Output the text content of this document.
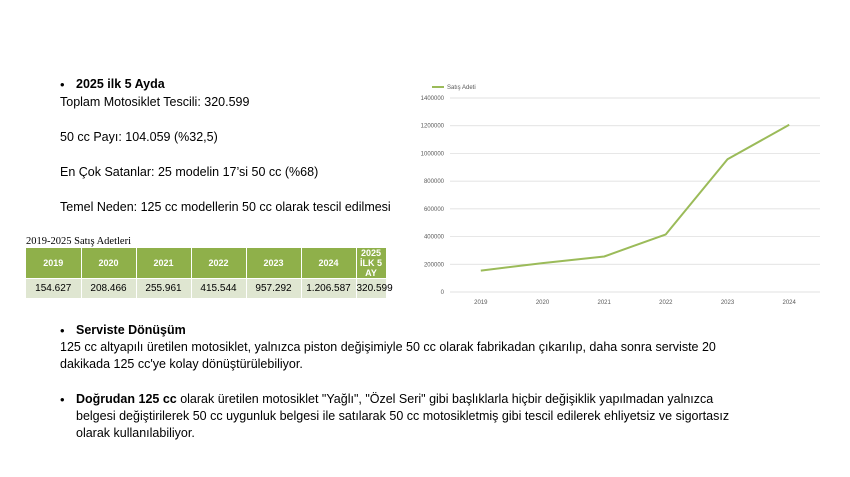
• 2025 ilk 5 Ayda
Toplam Motosiklet Tescili: 320.599
50 cc Payı: 104.059 (%32,5)
En Çok Satanlar: 25 modelin 17’si 50 cc (%68)
Temel Neden: 125 cc modellerin 50 cc olarak tescil edilmesi
2019-2025 Satış Adetleri
2019	2020	2021	2022	2023	2024	2025 İLK 5 AY
154.627	208.466	255.961	415.544	957.292	1.206.587	320.599	0
200000
400000
600000
800000
1000000
1200000
1400000
2019	2020	2021	2022	2023	2024
Satış Adeti
• Serviste Dönüşüm
125 cc altyapılı üretilen motosiklet, yalnızca piston değişimiyle 50 cc olarak fabrikadan çıkarılıp, daha sonra serviste 20
dakikada 125 cc'ye kolay dönüştürülebiliyor.
• Doğrudan 125 cc olarak üretilen motosiklet "Yağlı", "Özel Seri" gibi başlıklarla hiçbir değişiklik yapılmadan yalnızca
belgesi değiştirilerek 50 cc uygunluk belgesi ile satılarak 50 cc motosikletmiş gibi tescil edilerek ehliyetsiz ve sigortasız
olarak kullanılabiliyor.
